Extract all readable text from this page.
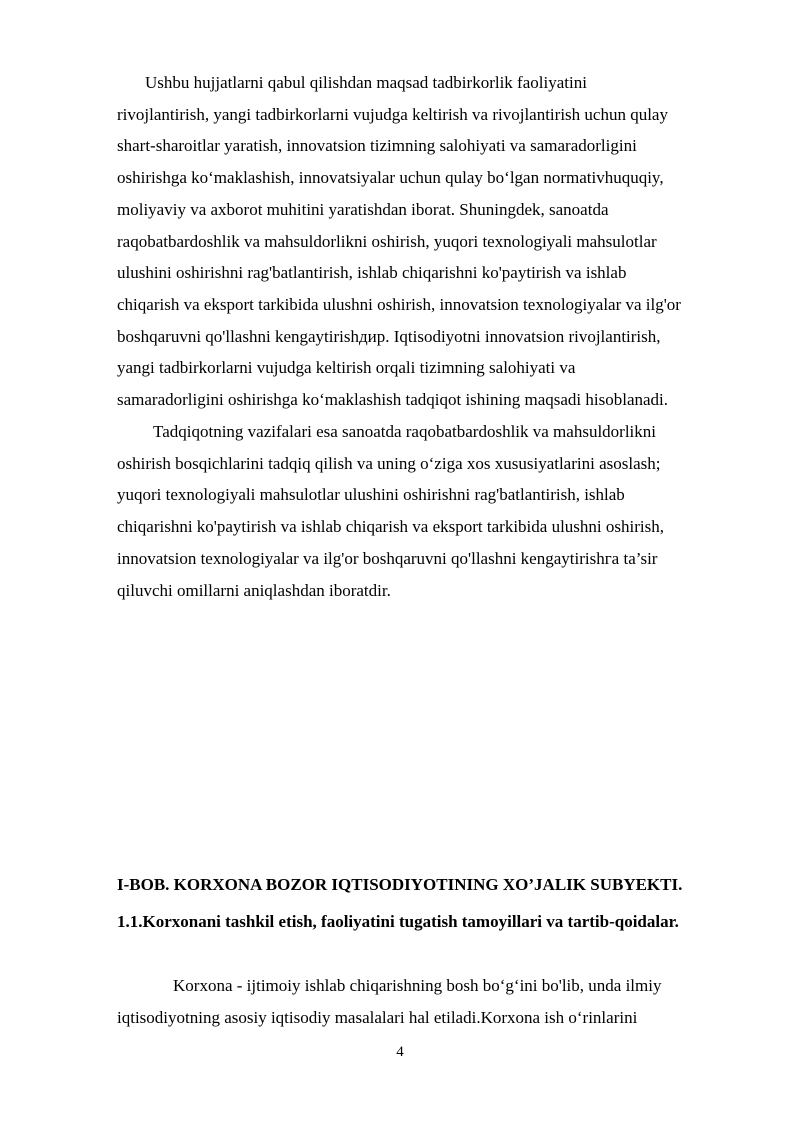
Ushbu hujjatlarni qabul qilishdan maqsad tadbirkorlik faoliyatini
rivojlantirish, yangi tadbirkorlarni vujudga keltirish va rivojlantirish uchun qulay
shart-sharoitlar yaratish, innovatsion tizimning salohiyati va samaradorligini
oshirishga ko‘maklashish, innovatsiyalar uchun qulay bo‘lgan normativhuquqiy,
moliyaviy va axborot muhitini yaratishdan iborat. Shuningdek, sanoatda
raqobatbardoshlik va mahsuldorlikni oshirish, yuqori texnologiyali mahsulotlar
ulushini oshirishni rag'batlantirish, ishlab chiqarishni ko'paytirish va ishlab
chiqarish va eksport tarkibida ulushni oshirish, innovatsion texnologiyalar va ilg'or
boshqaruvni qo'llashni kengaytirishдир. Iqtisodiyotni innovatsion rivojlantirish,
yangi tadbirkorlarni vujudga keltirish orqali tizimning salohiyati va
samaradorligini oshirishga ko‘maklashish tadqiqot ishining maqsadi hisoblanadi.
Tadqiqotning vazifalari esa sanoatda raqobatbardoshlik va mahsuldorlikni
oshirish bosqichlarini tadqiq qilish va uning o‘ziga xos xususiyatlarini asoslash;
yuqori texnologiyali mahsulotlar ulushini oshirishni rag'batlantirish, ishlab
chiqarishni ko'paytirish va ishlab chiqarish va eksport tarkibida ulushni oshirish,
innovatsion texnologiyalar va ilg'or boshqaruvni qo'llashni kengaytirishга ta’sir
qiluvchi omillarni aniqlashdan iboratdir.
I-BOB. KORXONA BOZOR IQTISODIYOTINING XO’JALIK SUBYEKTI.
1.1.Korxonani tashkil etish, faoliyatini tugatish tamoyillari va tartib-qoidalar.
Korxona - ijtimoiy ishlab chiqarishning bosh bo‘g‘ini bo'lib, unda ilmiy
iqtisodiyotning asosiy iqtisodiy masalalari hal etiladi.Korxona ish o‘rinlarini
4
